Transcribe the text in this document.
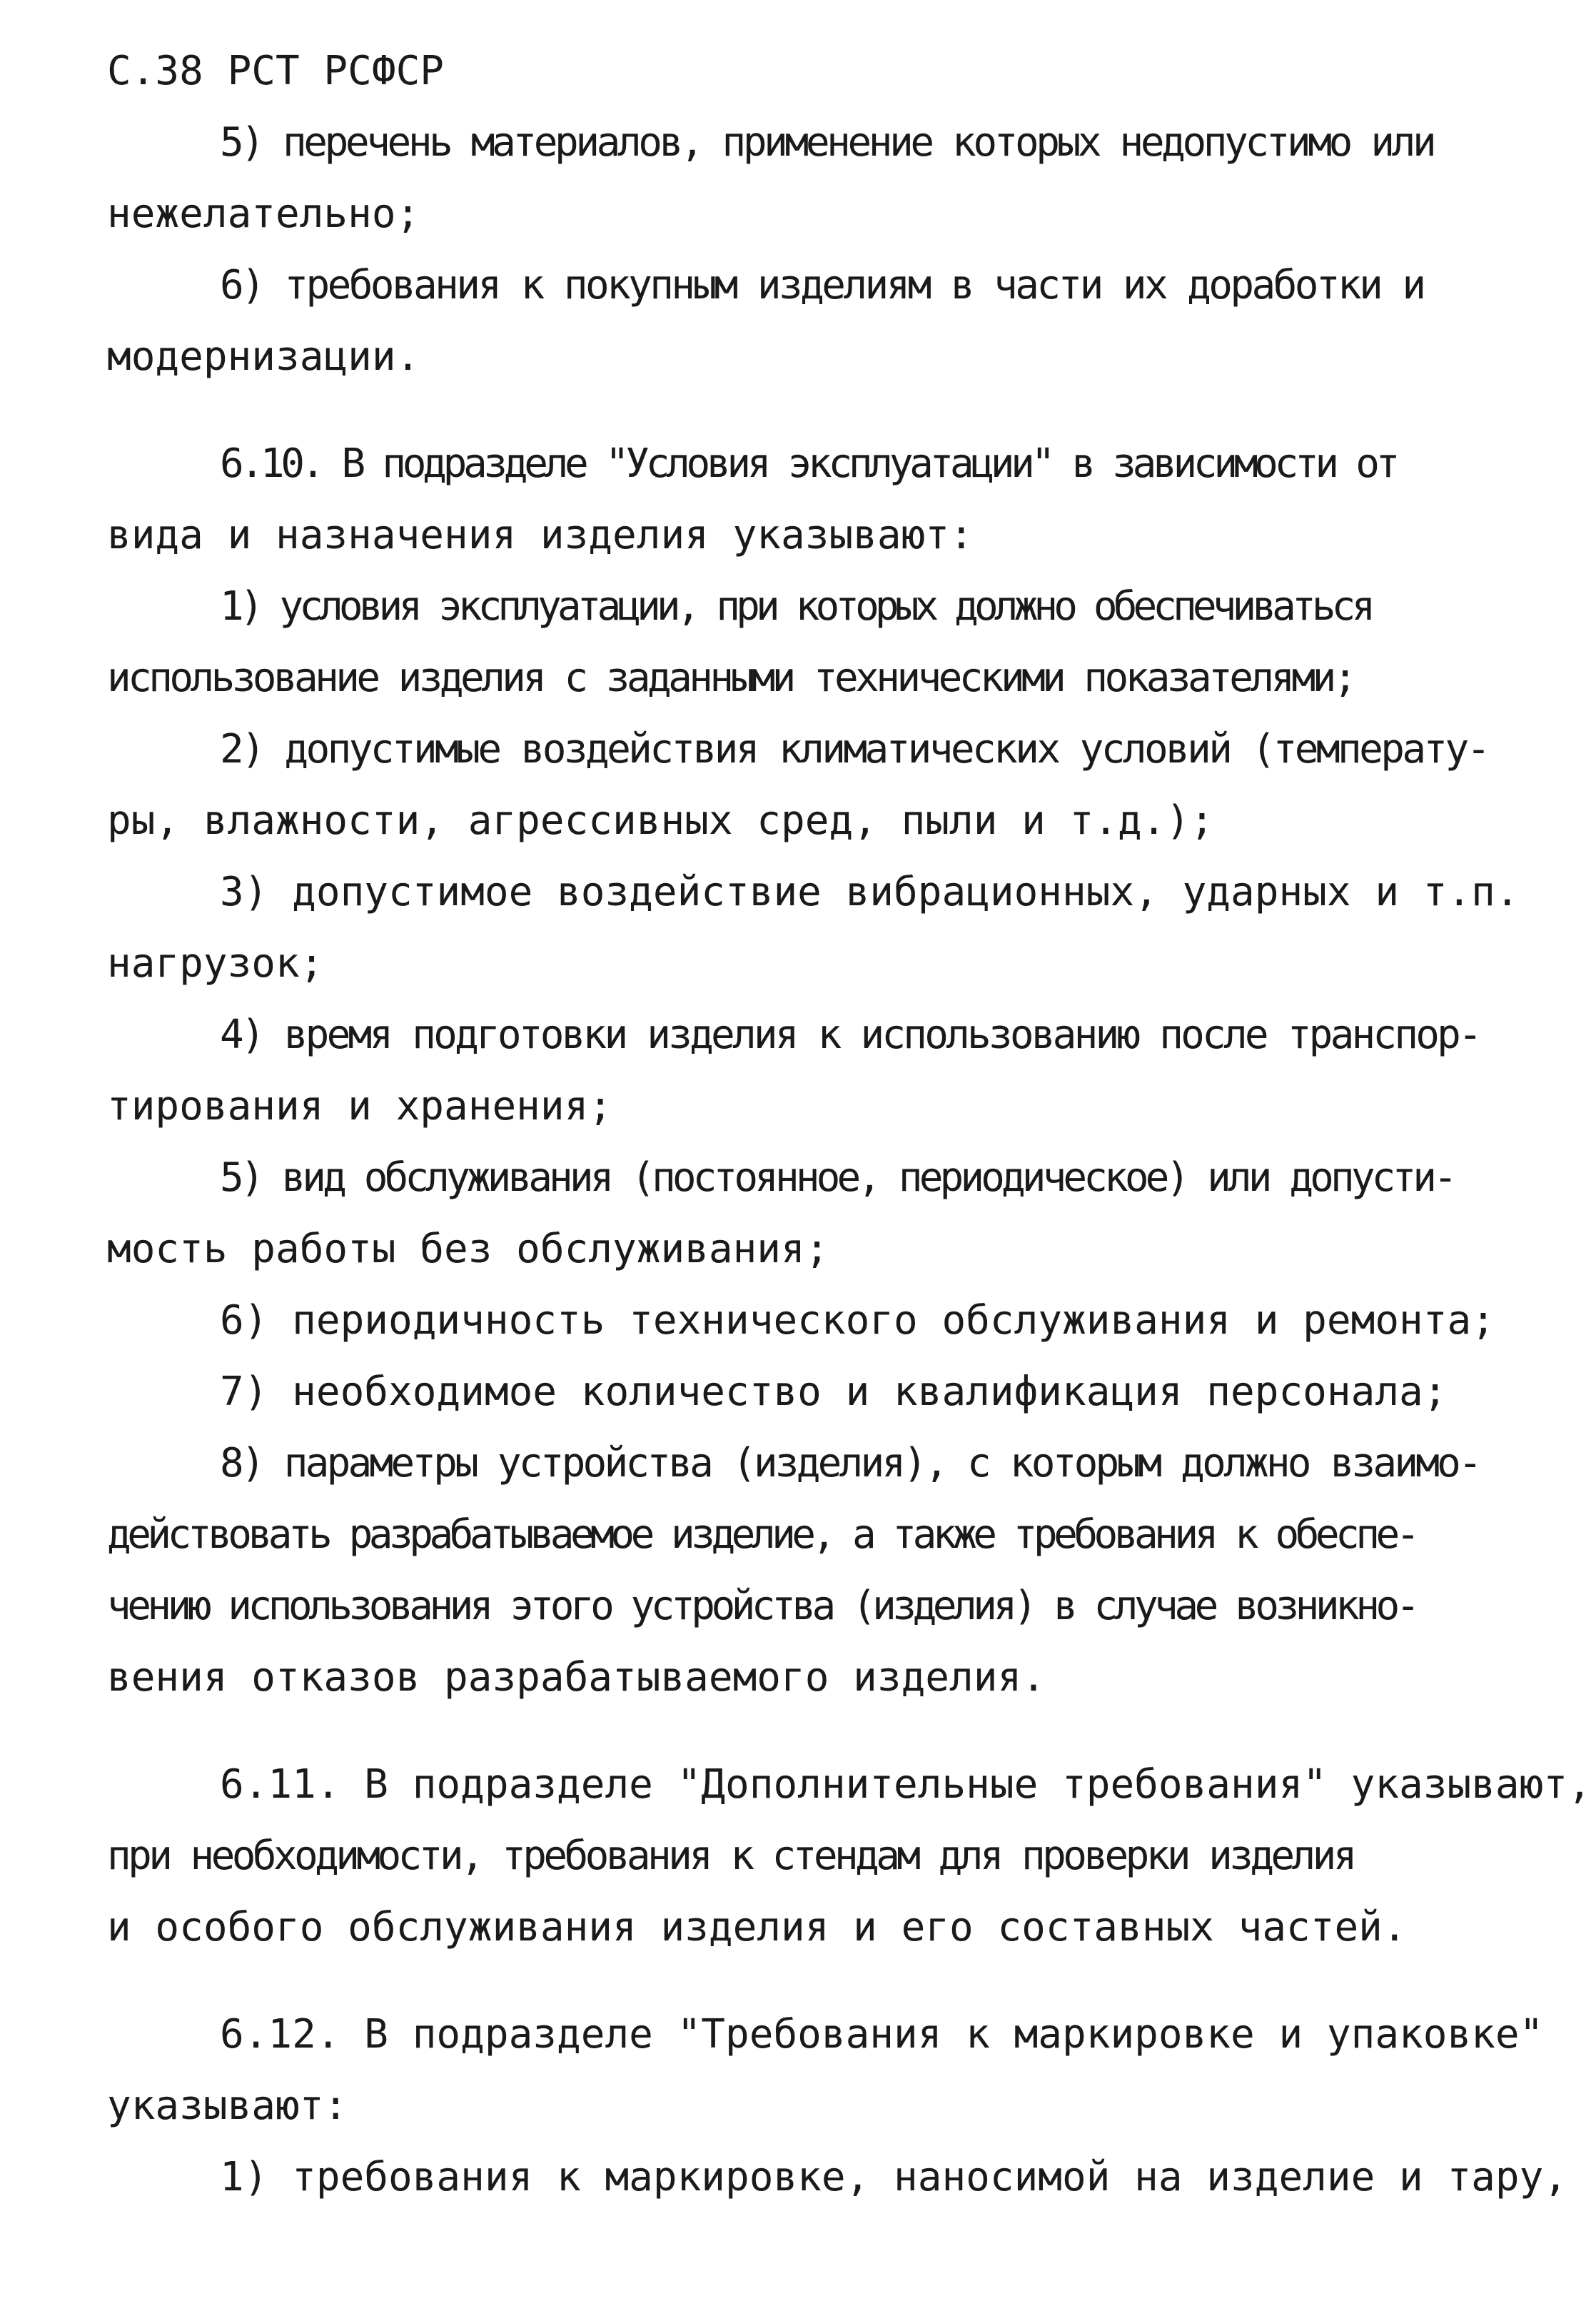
С.38 РСТ РСФСР

5) перечень материалов, применение которых недопустимо или

нежелательно;

6) требования к покупным изделиям в части их доработки и

модернизации.

6.10. В подразделе "Условия эксплуатации" в зависимости от

вида и назначения изделия указывают:

1) условия эксплуатации, при которых должно обеспечиваться

использование изделия с заданными техническими показателями;

2) допустимые воздействия климатических условий (температу-

ры, влажности, агрессивных сред, пыли и т.д.);

3) допустимое воздействие вибрационных, ударных и т.п.

нагрузок;

4) время подготовки изделия к использованию после транспор-

тирования и хранения;

5) вид обслуживания (постоянное, периодическое) или допусти-

мость работы без обслуживания;

6) периодичность технического обслуживания и ремонта;

7) необходимое количество и квалификация персонала;

8) параметры устройства (изделия), с которым должно взаимо-

действовать разрабатываемое изделие, а также требования к обеспе-

чению использования этого устройства (изделия) в случае возникно-

вения отказов разрабатываемого изделия.

6.11. В подразделе "Дополнительные требования" указывают,

при необходимости, требования к стендам для проверки изделия

и особого обслуживания изделия и его составных частей.

6.12. В подразделе "Требования к маркировке и упаковке"

указывают:

1) требования к маркировке, наносимой на изделие и тару,
